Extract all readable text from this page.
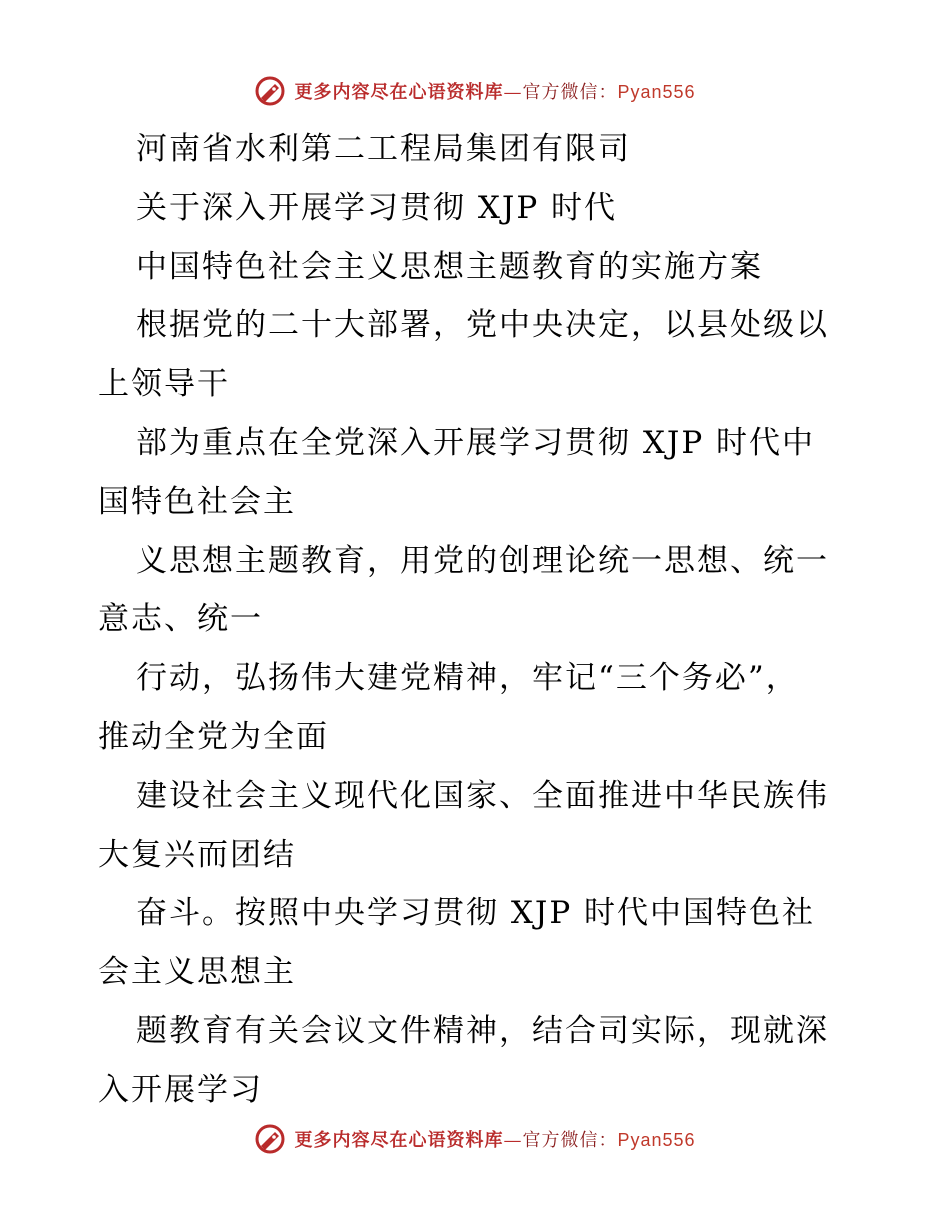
更多内容尽在心语资料库—官方微信：Pyan556
河南省水利第二工程局集团有限司
关于深入开展学习贯彻 XJP 时代
中国特色社会主义思想主题教育的实施方案
根据党的二十大部署，党中央决定，以县处级以
上领导干
部为重点在全党深入开展学习贯彻 XJP 时代中
国特色社会主
义思想主题教育，用党的创理论统一思想、统一
意志、统一
行动，弘扬伟大建党精神，牢记“三个务必”，
推动全党为全面
建设社会主义现代化国家、全面推进中华民族伟
大复兴而团结
奋斗。按照中央学习贯彻 XJP 时代中国特色社
会主义思想主
题教育有关会议文件精神，结合司实际，现就深
入开展学习
更多内容尽在心语资料库—官方微信：Pyan556
